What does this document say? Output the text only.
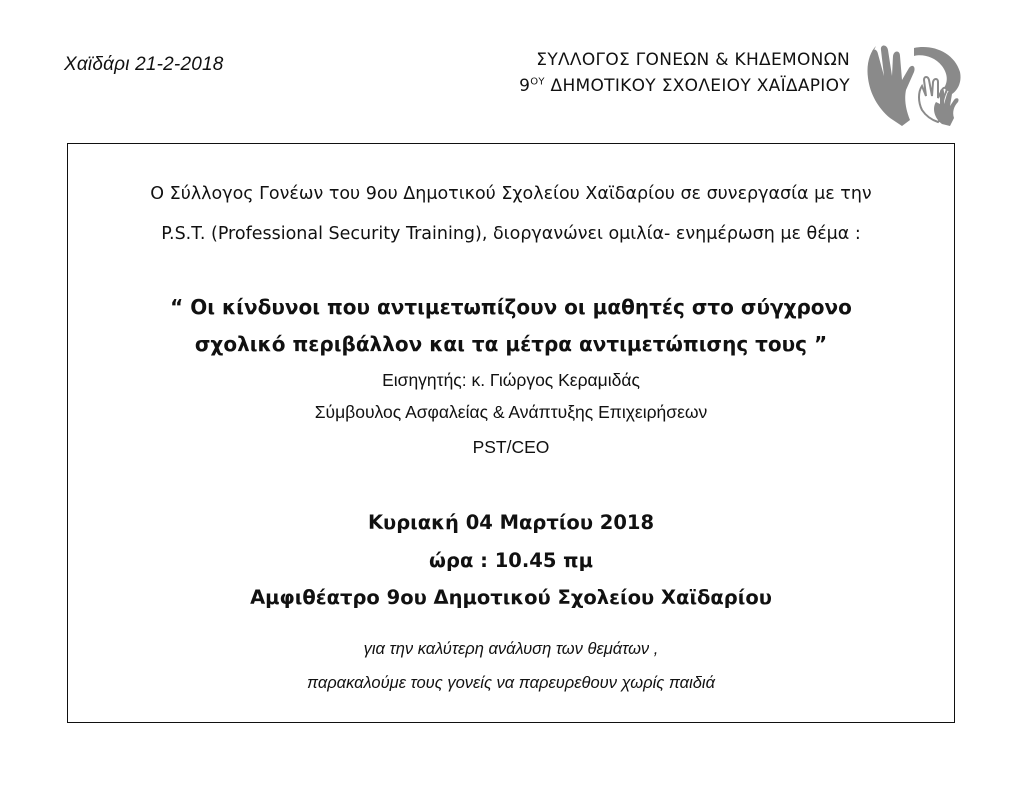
Χαϊδάρι 21-2-2018	ΣΥΛΛΟΓΟΣ ΓΟΝΕΩΝ & ΚΗΔΕΜΟΝΩΝ
$9^{O\Upsilon}$ ΔΗΜΟΤΙΚΟΥ ΣΧΟΛΕΙΟΥ ΧΑΪΔΑΡΙΟΥ
Ο Σύλλογος Γονέων του 9ου Δημοτικού Σχολείου Χαϊδαρίου σε συνεργασία με την
P.S.T. (Professional Security Training), διοργανώνει ομιλία- ενημέρωση με θέμα :
“ Οι κίνδυνοι που αντιμετωπίζουν οι μαθητές στο σύγχρονο
σχολικό περιβάλλον και τα μέτρα αντιμετώπισης τους ”
Εισηγητής: κ. Γιώργος Κεραμιδάς
Σύμβουλος Ασφαλείας & Ανάπτυξης Επιχειρήσεων
PST/CEO
Κυριακή 04 Μαρτίου 2018
ώρα : 10.45 πμ
Αμφιθέατρο 9ου Δημοτικού Σχολείου Χαϊδαρίου
για την καλύτερη ανάλυση των θεμάτων ,
παρακαλούμε τους γονείς να παρευρεθουν χωρίς παιδιά
